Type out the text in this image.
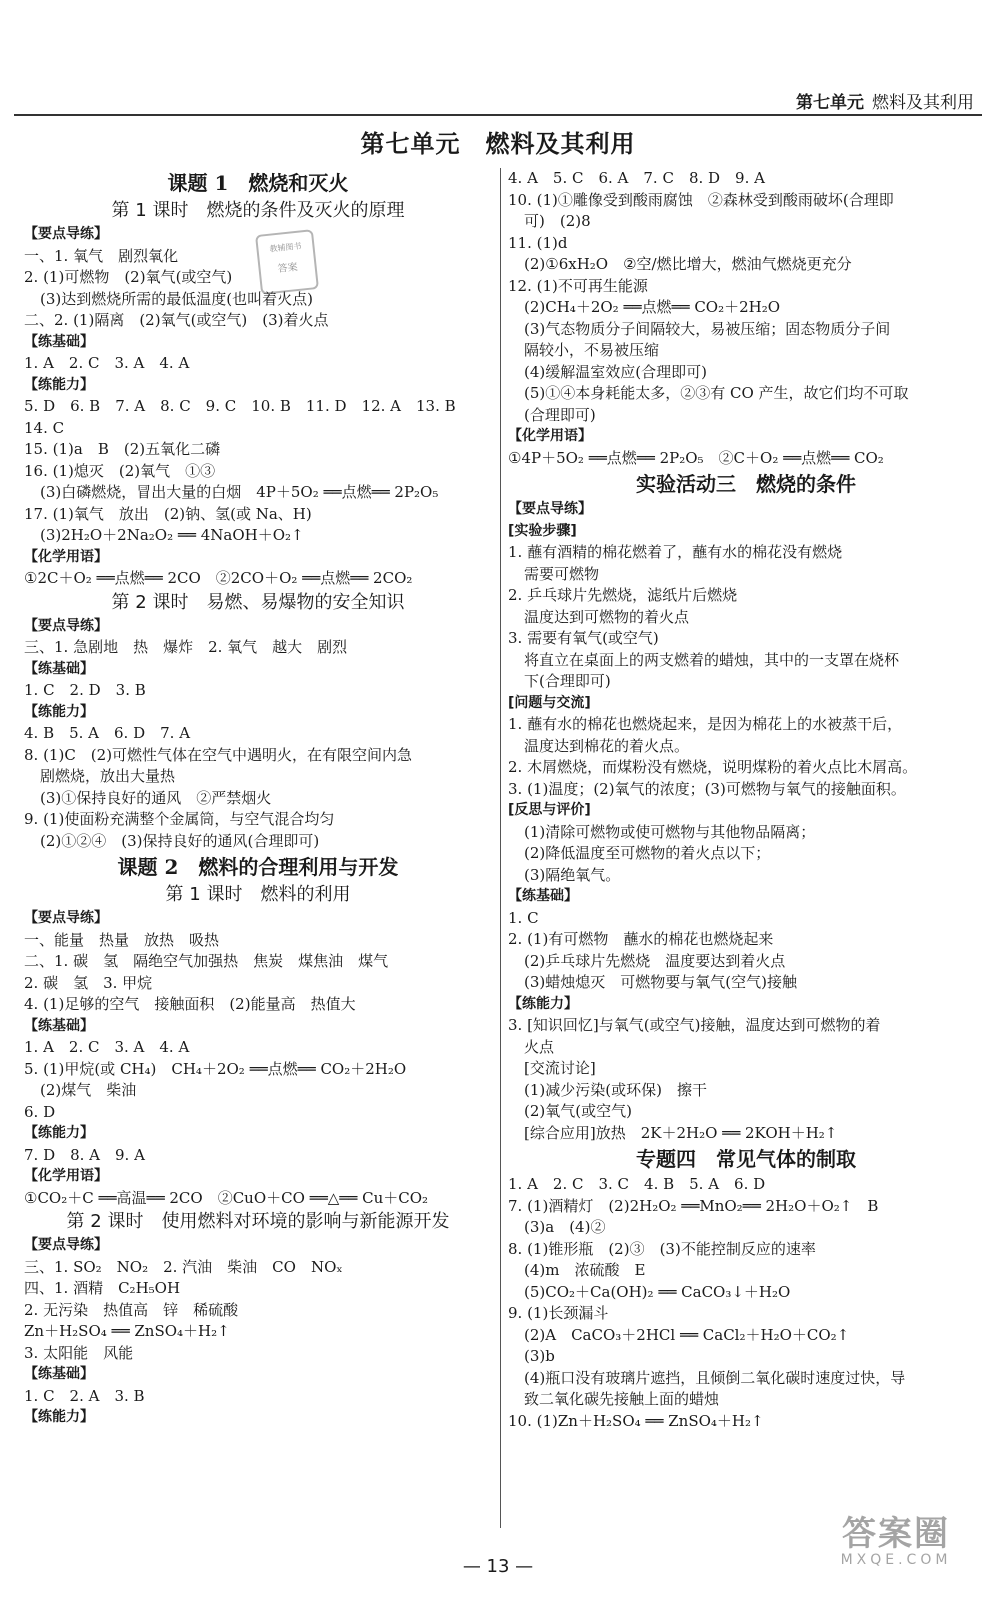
第七单元 燃料及其利用
第七单元　燃料及其利用

课题 1　燃烧和灭火

第 1 课时　燃烧的条件及灭火的原理

【要点导练】

一、1. 氧气　剧烈氧化

2. (1)可燃物　(2)氧气(或空气)

(3)达到燃烧所需的最低温度(也叫着火点)

二、2. (1)隔离　(2)氧气(或空气)　(3)着火点

【练基础】

1. A　2. C　3. A　4. A

【练能力】

5. D　6. B　7. A　8. C　9. C　10. B　11. D　12. A　13. B

14. C

15. (1)a　B　(2)五氧化二磷

16. (1)熄灭　(2)氧气　①③

(3)白磷燃烧，冒出大量的白烟　4P＋5O₂ ══点燃══ 2P₂O₅

17. (1)氧气　放出　(2)钠、氢(或 Na、H)

(3)2H₂O＋2Na₂O₂ ══ 4NaOH＋O₂↑

【化学用语】

①2C＋O₂ ══点燃══ 2CO　②2CO＋O₂ ══点燃══ 2CO₂

第 2 课时　易燃、易爆物的安全知识

【要点导练】

三、1. 急剧地　热　爆炸　2. 氧气　越大　剧烈

【练基础】

1. C　2. D　3. B

【练能力】

4. B　5. A　6. D　7. A

8. (1)C　(2)可燃性气体在空气中遇明火，在有限空间内急

剧燃烧，放出大量热

(3)①保持良好的通风　②严禁烟火

9. (1)使面粉充满整个金属筒，与空气混合均匀

(2)①②④　(3)保持良好的通风(合理即可)

课题 2　燃料的合理利用与开发

第 1 课时　燃料的利用

【要点导练】

一、能量　热量　放热　吸热

二、1. 碳　氢　隔绝空气加强热　焦炭　煤焦油　煤气

2. 碳　氢　3. 甲烷

4. (1)足够的空气　接触面积　(2)能量高　热值大

【练基础】

1. A　2. C　3. A　4. A

5. (1)甲烷(或 CH₄)　CH₄＋2O₂ ══点燃══ CO₂＋2H₂O

(2)煤气　柴油

6. D

【练能力】

7. D　8. A　9. A

【化学用语】

①CO₂＋C ══高温══ 2CO　②CuO＋CO ══△══ Cu＋CO₂

第 2 课时　使用燃料对环境的影响与新能源开发

【要点导练】

三、1. SO₂　NO₂　2. 汽油　柴油　CO　NOₓ

四、1. 酒精　C₂H₅OH

2. 无污染　热值高　锌　稀硫酸

Zn＋H₂SO₄ ══ ZnSO₄＋H₂↑

3. 太阳能　风能

【练基础】

1. C　2. A　3. B

【练能力】

4. A　5. C　6. A　7. C　8. D　9. A

10. (1)①雕像受到酸雨腐蚀　②森林受到酸雨破坏(合理即

可)　(2)8

11. (1)d

(2)①6xH₂O　②空/燃比增大，燃油气燃烧更充分

12. (1)不可再生能源

(2)CH₄＋2O₂ ══点燃══ CO₂＋2H₂O

(3)气态物质分子间隔较大，易被压缩；固态物质分子间

隔较小，不易被压缩

(4)缓解温室效应(合理即可)

(5)①④本身耗能太多，②③有 CO 产生，故它们均不可取

(合理即可)

【化学用语】

①4P＋5O₂ ══点燃══ 2P₂O₅　②C＋O₂ ══点燃══ CO₂

实验活动三　燃烧的条件

【要点导练】

[实验步骤]

1. 蘸有酒精的棉花燃着了，蘸有水的棉花没有燃烧

需要可燃物

2. 乒乓球片先燃烧，滤纸片后燃烧

温度达到可燃物的着火点

3. 需要有氧气(或空气)

将直立在桌面上的两支燃着的蜡烛，其中的一支罩在烧杯

下(合理即可)

[问题与交流]

1. 蘸有水的棉花也燃烧起来，是因为棉花上的水被蒸干后，

温度达到棉花的着火点。

2. 木屑燃烧，而煤粉没有燃烧，说明煤粉的着火点比木屑高。

3. (1)温度；(2)氧气的浓度；(3)可燃物与氧气的接触面积。

[反思与评价]

(1)清除可燃物或使可燃物与其他物品隔离；

(2)降低温度至可燃物的着火点以下；

(3)隔绝氧气。

【练基础】

1. C

2. (1)有可燃物　蘸水的棉花也燃烧起来

(2)乒乓球片先燃烧　温度要达到着火点

(3)蜡烛熄灭　可燃物要与氧气(空气)接触

【练能力】

3. [知识回忆]与氧气(或空气)接触，温度达到可燃物的着

火点

[交流讨论]

(1)减少污染(或环保)　擦干

(2)氧气(或空气)

[综合应用]放热　2K＋2H₂O ══ 2KOH＋H₂↑

专题四　常见气体的制取

1. A　2. C　3. C　4. B　5. A　6. D

7. (1)酒精灯　(2)2H₂O₂ ══MnO₂══ 2H₂O＋O₂↑　B

(3)a　(4)②

8. (1)锥形瓶　(2)③　(3)不能控制反应的速率

(4)m　浓硫酸　E

(5)CO₂＋Ca(OH)₂ ══ CaCO₃↓＋H₂O

9. (1)长颈漏斗

(2)A　CaCO₃＋2HCl ══ CaCl₂＋H₂O＋CO₂↑

(3)b

(4)瓶口没有玻璃片遮挡，且倾倒二氧化碳时速度过快，导

致二氧化碳先接触上面的蜡烛

10. (1)Zn＋H₂SO₄ ══ ZnSO₄＋H₂↑

教辅图书
答案
— 13 —
答案圈
MXQE.COM
